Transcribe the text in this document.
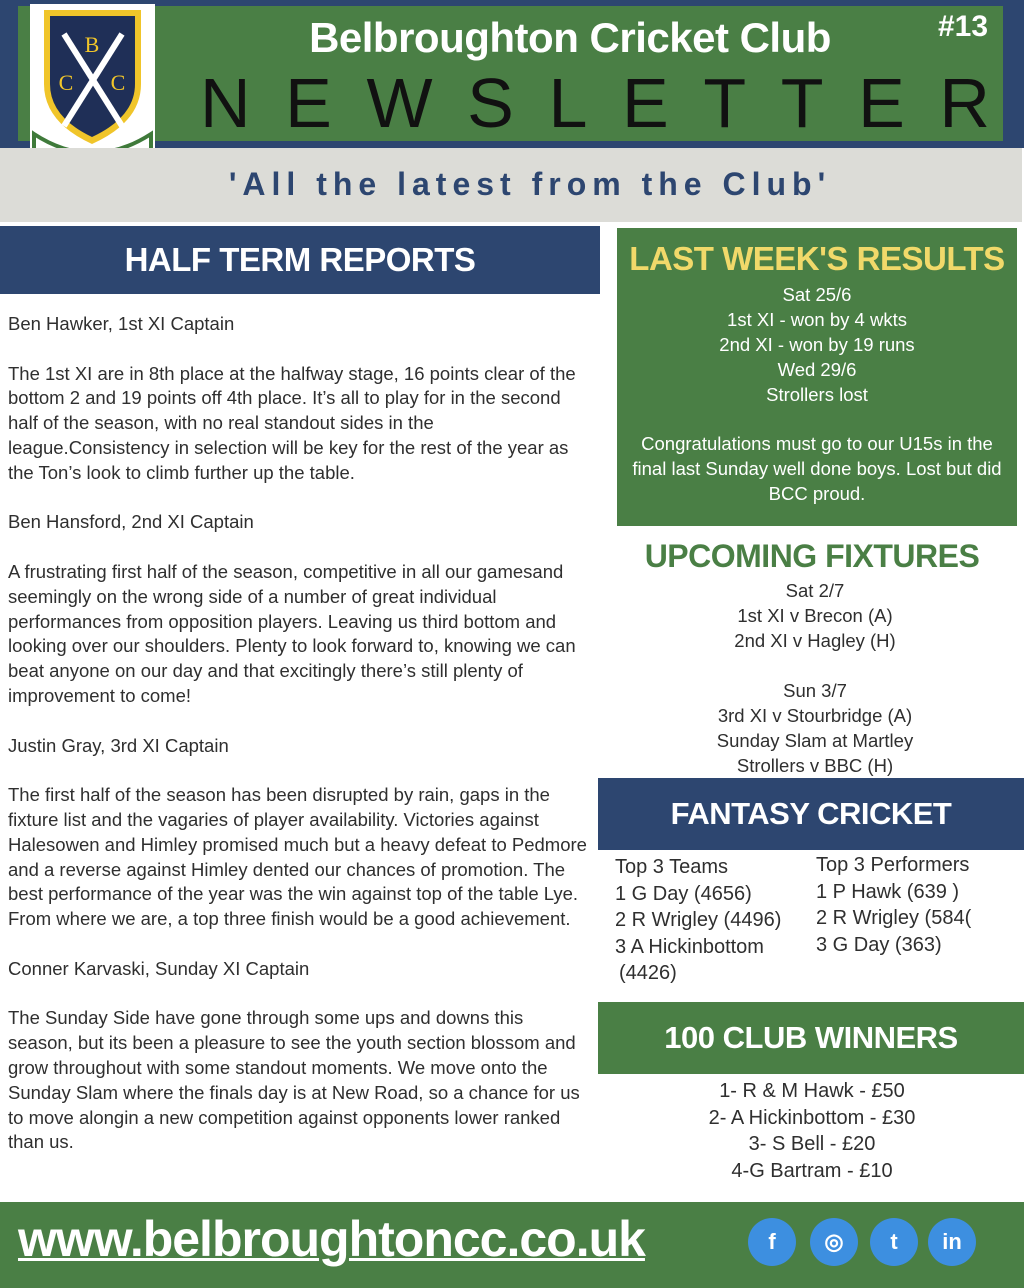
B
C C
Belbroughton Cricket Club	#13
N E W S L E T T E R
'All the latest from the Club'
HALF TERM REPORTS

Ben Hawker, 1st XI Captain

The 1st XI are in 8th place at the halfway stage, 16 points clear of the bottom 2 and 19 points off 4th place. It’s all to play for in the second half of the season, with no real standout sides in the league.Consistency in selection will be key for the rest of the year as the Ton’s look to climb further up the table.

Ben Hansford, 2nd XI Captain

A frustrating first half of the season, competitive in all our gamesand seemingly on the wrong side of a number of great individual performances from opposition players. Leaving us third bottom and looking over our shoulders. Plenty to look forward to, knowing we can beat anyone on our day and that excitingly there’s still plenty of improvement to come!

Justin Gray, 3rd XI Captain

The first half of the season has been disrupted by rain, gaps in the fixture list and the vagaries of player availability. Victories against Halesowen and Himley promised much but a heavy defeat to Pedmore and a reverse against Himley dented our chances of promotion. The best performance of the year was the win against top of the table Lye. From where we are, a top three finish would be a good achievement.

Conner Karvaski, Sunday XI Captain

The Sunday Side have gone through some ups and downs this season, but its been a pleasure to see the youth section blossom and grow throughout with some standout moments. We move onto the Sunday Slam where the finals day is at New Road, so a chance for us to move alongin a new competition against opponents lower ranked than us.

LAST WEEK'S RESULTS
Sat 25/6
1st XI - won by 4 wkts
2nd XI - won by 19 runs
Wed 29/6
Strollers lost
Congratulations must go to our U15s in the final last Sunday well done boys. Lost but did BCC proud.
UPCOMING FIXTURES
Sat 2/7
1st XI v Brecon (A)
2nd XI v Hagley (H)
Sun 3/7
3rd XI v Stourbridge (A)
Sunday Slam at Martley
Strollers v BBC (H)
FANTASY CRICKET
Top 3 Teams
1 G Day (4656)
2 R Wrigley (4496)
3 A Hickinbottom
(4426)
Top 3 Performers
1 P Hawk (639 )
2 R Wrigley (584(
3 G Day (363)
100 CLUB WINNERS
1- R & M Hawk - £50
2- A Hickinbottom - £30
3- S Bell - £20
4-G Bartram - £10
www.belbroughtoncc.co.uk	f	◎	t	in
